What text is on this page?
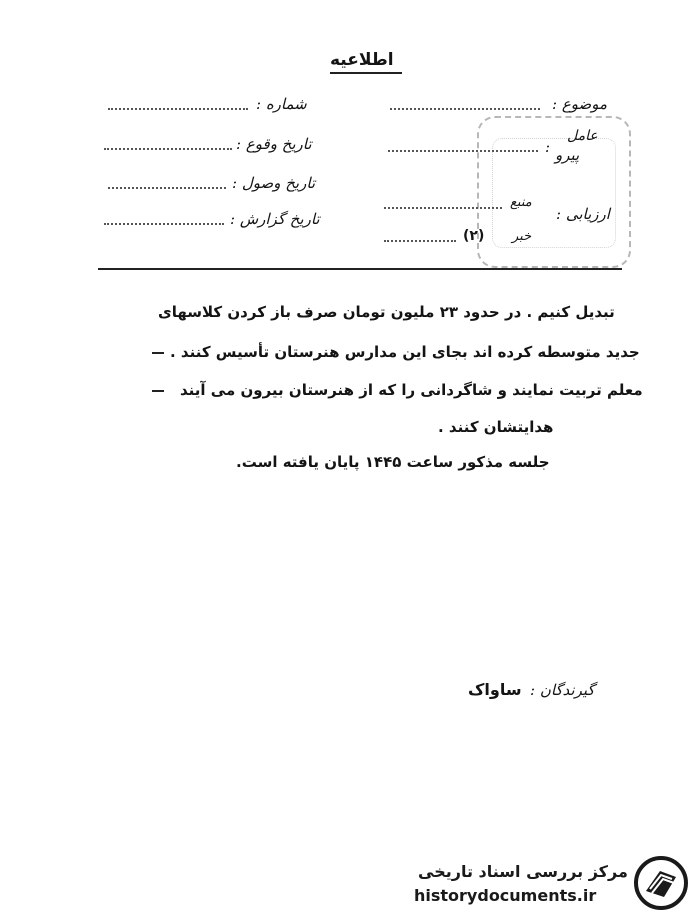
اطلاعیه
موضوع :
شماره :
عامل
پیرو
:
تاریخ وقوع :
تاریخ وصول :
تاریخ گزارش :	ارزیابی :
منبع
خبر
(۲)
تبدیل کنیم . در حدود ۲۳ ملیون تومان صرف باز کردن کلاسهای
جدید متوسطه کرده اند بجای این مدارس هنرستان تأسیس کنند .
معلم تربیت نمایند و شاگردانی را که از هنرستان بیرون می آیند
هدایتشان کنند .
جلسه مذکور ساعت ۱۴۴۵ پایان یافته است.
گیرندگان :
ساواک
مرکز بررسی اسناد تاریخی
historydocuments.ir
